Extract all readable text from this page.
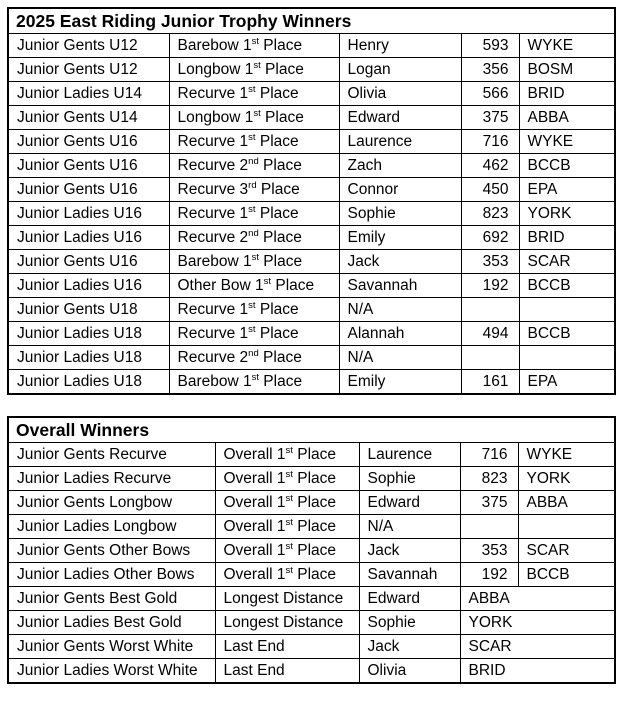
2025 East Riding Junior Trophy Winners				
Junior Gents U12	Barebow 1st Place	Henry	593	WYKE
Junior Gents U12	Longbow 1st Place	Logan	356	BOSM
Junior Ladies U14	Recurve 1st Place	Olivia	566	BRID
Junior Gents U14	Longbow 1st Place	Edward	375	ABBA
Junior Gents U16	Recurve 1st Place	Laurence	716	WYKE
Junior Gents U16	Recurve 2nd Place	Zach	462	BCCB
Junior Gents U16	Recurve 3rd Place	Connor	450	EPA
Junior Ladies U16	Recurve 1st Place	Sophie	823	YORK
Junior Ladies U16	Recurve 2nd Place	Emily	692	BRID
Junior Gents U16	Barebow 1st Place	Jack	353	SCAR
Junior Ladies U16	Other Bow 1st Place	Savannah	192	BCCB
Junior Gents U18	Recurve 1st Place	N/A		
Junior Ladies U18	Recurve 1st Place	Alannah	494	BCCB
Junior Ladies U18	Recurve 2nd Place	N/A		
Junior Ladies U18	Barebow 1st Place	Emily	161	EPA
Overall Winners				
Junior Gents Recurve	Overall 1st Place	Laurence	716	WYKE
Junior Ladies Recurve	Overall 1st Place	Sophie	823	YORK
Junior Gents Longbow	Overall 1st Place	Edward	375	ABBA
Junior Ladies Longbow	Overall 1st Place	N/A		
Junior Gents Other Bows	Overall 1st Place	Jack	353	SCAR
Junior Ladies Other Bows	Overall 1st Place	Savannah	192	BCCB
Junior Gents Best Gold	Longest Distance	Edward	ABBA	
Junior Ladies Best Gold	Longest Distance	Sophie	YORK	
Junior Gents Worst White	Last End	Jack	SCAR	
Junior Ladies Worst White	Last End	Olivia	BRID	
